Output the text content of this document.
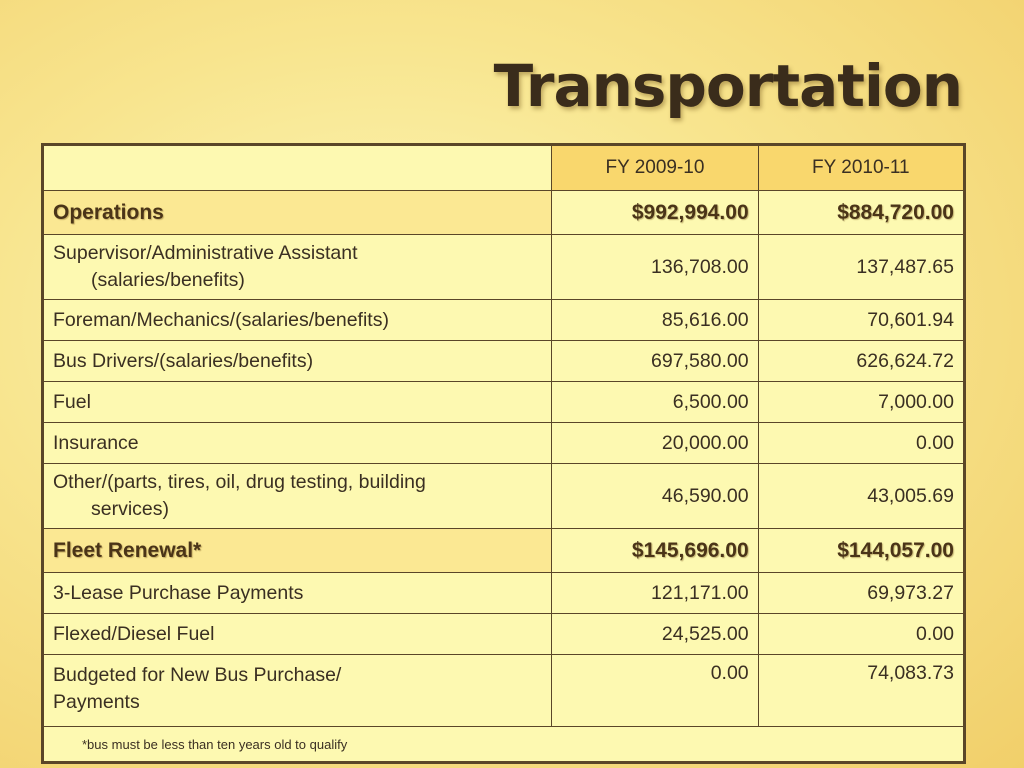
Transportation
	FY 2009-10	FY 2010-11
Operations	$992,994.00	$884,720.00
Supervisor/Administrative Assistant
(salaries/benefits)	136,708.00	137,487.65
Foreman/Mechanics/(salaries/benefits)	85,616.00	70,601.94
Bus Drivers/(salaries/benefits)	697,580.00	626,624.72
Fuel	6,500.00	7,000.00
Insurance	20,000.00	0.00
Other/(parts, tires, oil, drug testing, building
services)	46,590.00	43,005.69
Fleet Renewal*	$145,696.00	$144,057.00
3-Lease Purchase Payments	121,171.00	69,973.27
Flexed/Diesel Fuel	24,525.00	0.00
Budgeted for New Bus Purchase/
Payments	0.00	74,083.73
*bus must be less than ten years old to qualify		
